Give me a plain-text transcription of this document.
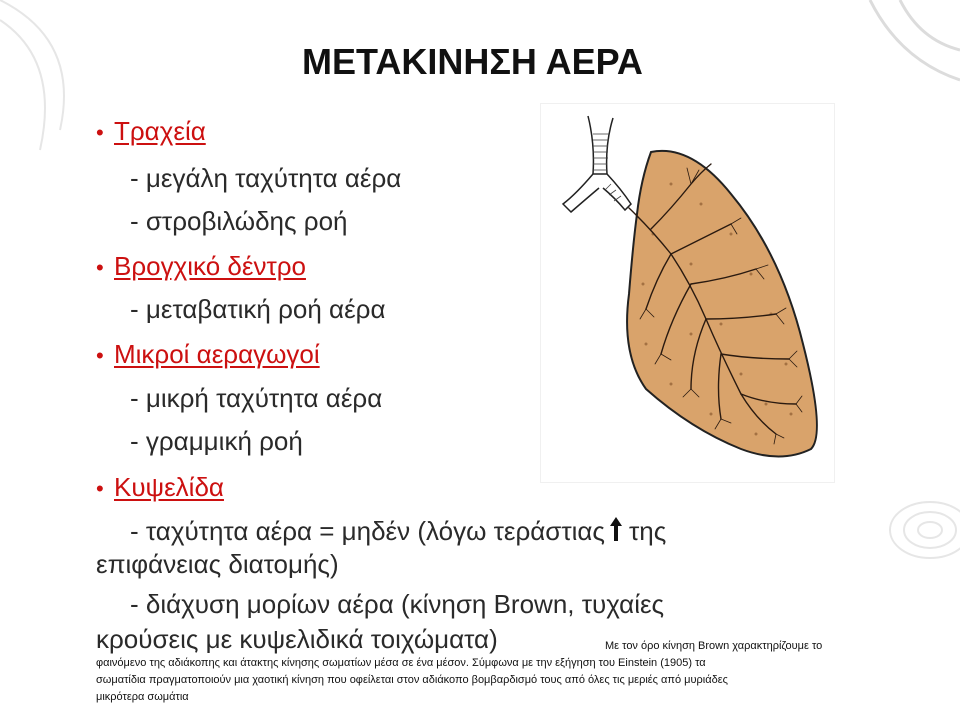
ΜΕΤΑΚΙΝΗΣΗ ΑΕΡΑ
• Τραχεία
- μεγάλη ταχύτητα αέρα
- στροβιλώδης ροή
• Βρογχικό δέντρο
- μεταβατική ροή αέρα
• Μικροί αεραγωγοί
- μικρή ταχύτητα αέρα
- γραμμική ροή
• Κυψελίδα
- ταχύτητα αέρα = μηδέν (λόγω τεράστιας της
επιφάνειας διατομής)
- διάχυση μορίων αέρα (κίνηση Brown, τυχαίες
κρούσεις με κυψελιδικά τοιχώματα)	Με τον όρο κίνηση Brown χαρακτηρίζουμε το
φαινόμενο της αδιάκοπης και άτακτης κίνησης σωματίων μέσα σε ένα μέσον. Σύμφωνα με την εξήγηση του Einstein (1905) τα
σωματίδια πραγματοποιούν μια χαοτική κίνηση που οφείλεται στον αδιάκοπο βομβαρδισμό τους από όλες τις μεριές από μυριάδες
μικρότερα σωμάτια
